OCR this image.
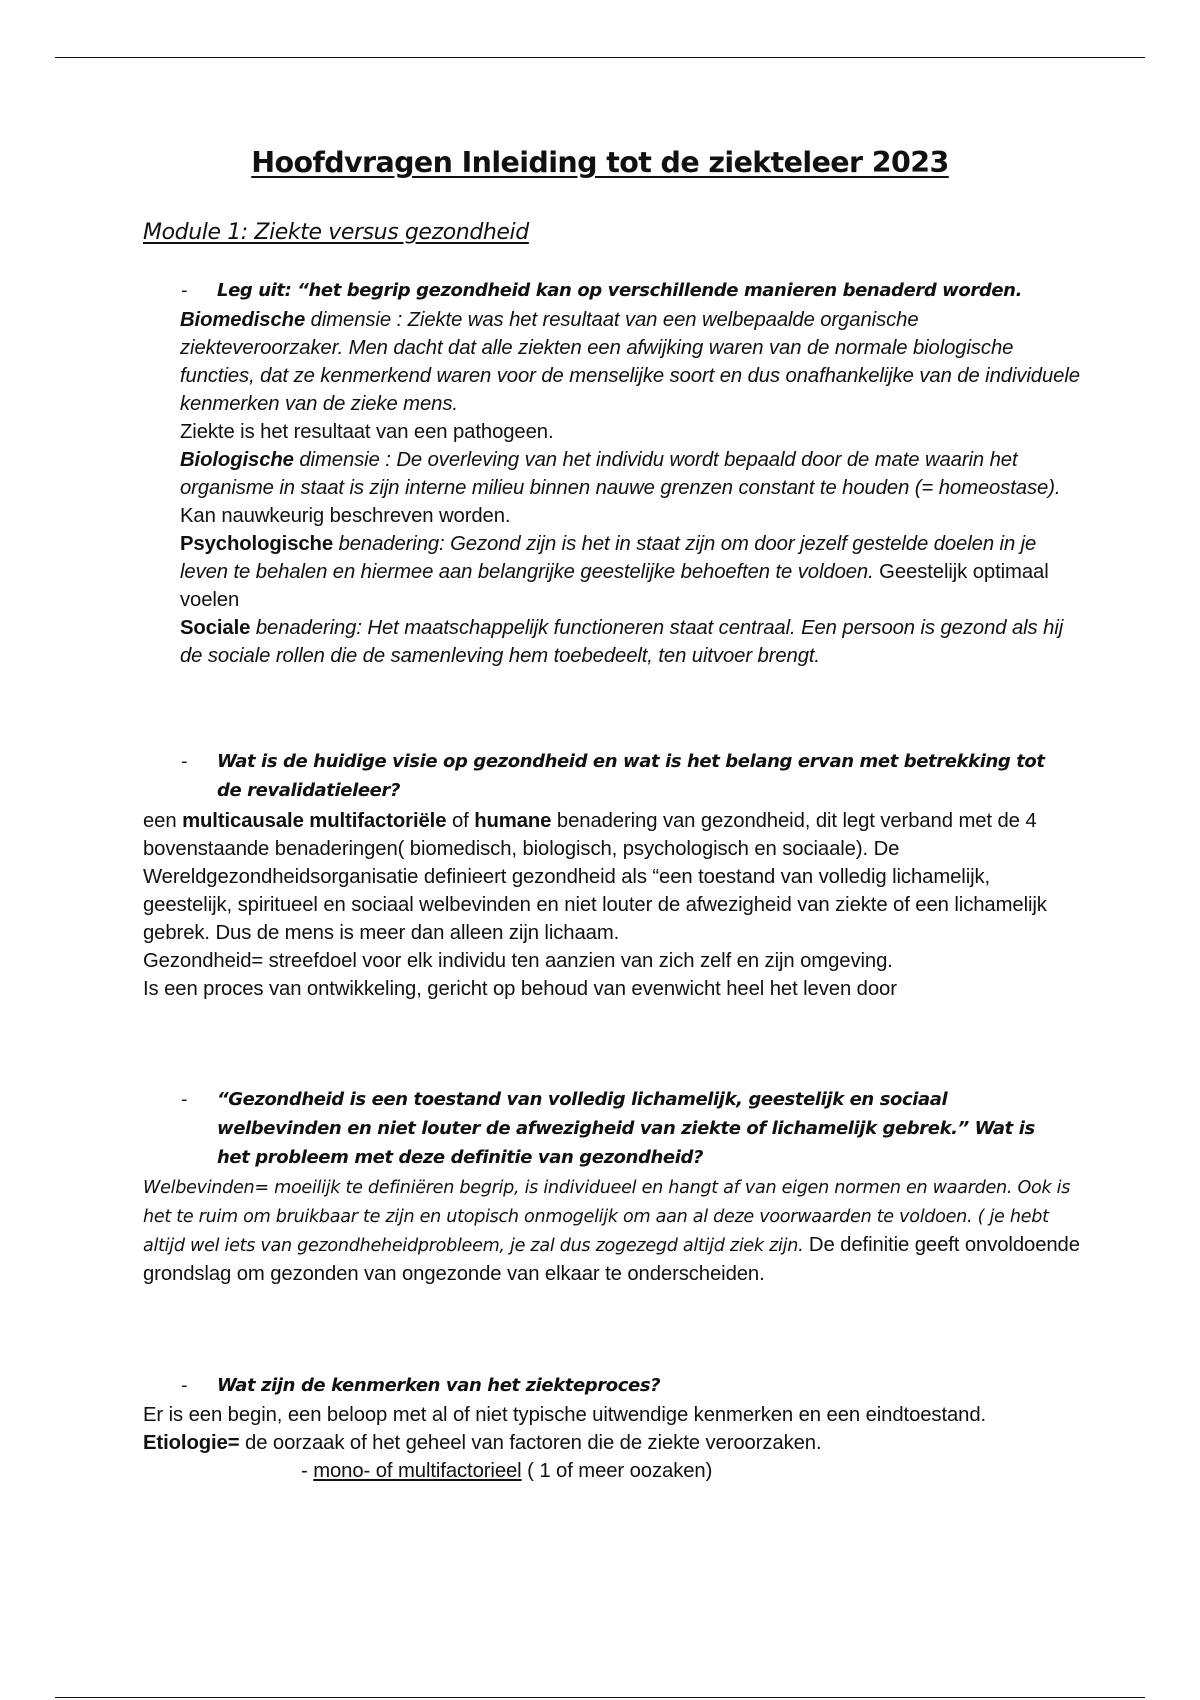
Hoofdvragen Inleiding tot de ziekteleer 2023
Module 1: Ziekte versus gezondheid
- Leg uit: “het begrip gezondheid kan op verschillende manieren benaderd worden.

Biomedische dimensie : Ziekte was het resultaat van een welbepaalde organische ziekteveroorzaker. Men dacht dat alle ziekten een afwijking waren van de normale biologische functies, dat ze kenmerkend waren voor de menselijke soort en dus onafhankelijke van de individuele kenmerken van de zieke mens.

Ziekte is het resultaat van een pathogeen.

Biologische dimensie : De overleving van het individu wordt bepaald door de mate waarin het organisme in staat is zijn interne milieu binnen nauwe grenzen constant te houden (= homeostase). Kan nauwkeurig beschreven worden.

Psychologische benadering: Gezond zijn is het in staat zijn om door jezelf gestelde doelen in je leven te behalen en hiermee aan belangrijke geestelijke behoeften te voldoen. Geestelijk optimaal voelen

Sociale benadering: Het maatschappelijk functioneren staat centraal. Een persoon is gezond als hij de sociale rollen die de samenleving hem toebedeelt, ten uitvoer brengt.

- Wat is de huidige visie op gezondheid en wat is het belang ervan met betrekking tot de revalidatieleer?

een multicausale multifactoriële of humane benadering van gezondheid, dit legt verband met de 4 bovenstaande benaderingen( biomedisch, biologisch, psychologisch en sociaale). De Wereldgezondheidsorganisatie definieert gezondheid als “een toestand van volledig lichamelijk, geestelijk, spiritueel en sociaal welbevinden en niet louter de afwezigheid van ziekte of een lichamelijk gebrek. Dus de mens is meer dan alleen zijn lichaam.

Gezondheid= streefdoel voor elk individu ten aanzien van zich zelf en zijn omgeving.

Is een proces van ontwikkeling, gericht op behoud van evenwicht heel het leven door

- “Gezondheid is een toestand van volledig lichamelijk, geestelijk en sociaal welbevinden en niet louter de afwezigheid van ziekte of lichamelijk gebrek.” Wat is het probleem met deze definitie van gezondheid?

Welbevinden= moeilijk te definiëren begrip, is individueel en hangt af van eigen normen en waarden. Ook is het te ruim om bruikbaar te zijn en utopisch onmogelijk om aan al deze voorwaarden te voldoen. ( je hebt altijd wel iets van gezondheheidprobleem, je zal dus zogezegd altijd ziek zijn. De definitie geeft onvoldoende grondslag om gezonden van ongezonde van elkaar te onderscheiden.

- Wat zijn de kenmerken van het ziekteproces?

Er is een begin, een beloop met al of niet typische uitwendige kenmerken en een eindtoestand.

Etiologie= de oorzaak of het geheel van factoren die de ziekte veroorzaken.

- mono- of multifactorieel ( 1 of meer oozaken)
